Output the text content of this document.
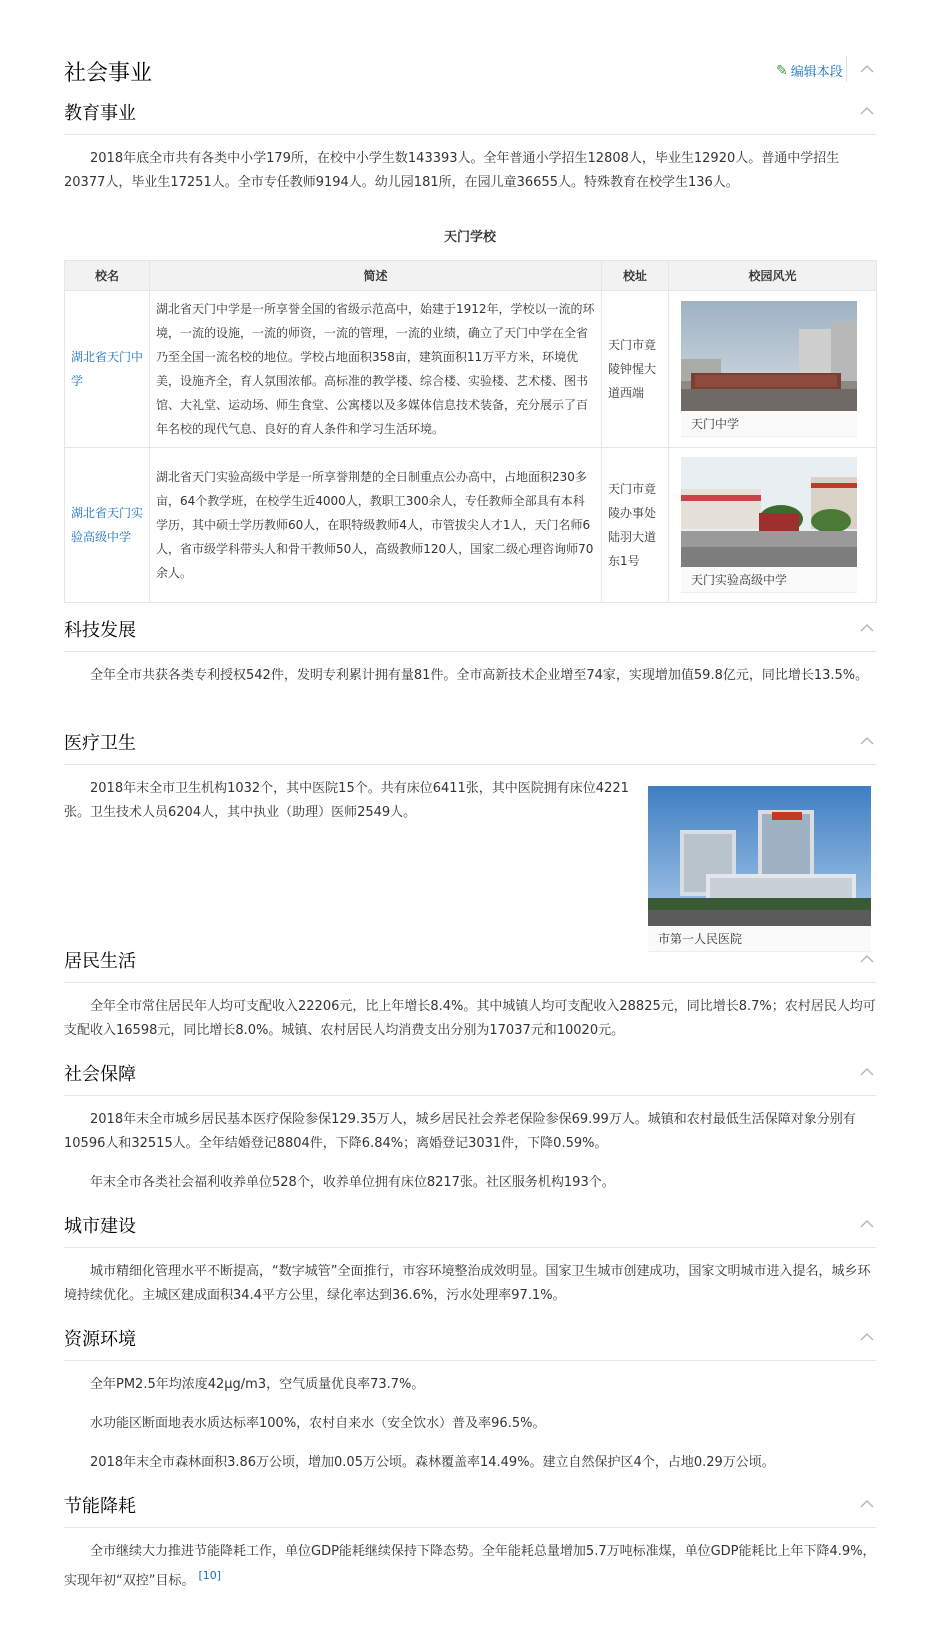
社会事业	✎ 编辑本段
教育事业

2018年底全市共有各类中小学179所，在校中小学生数143393人。全年普通小学招生12808人，毕业生12920人。普通中学招生20377人，毕业生17251人。全市专任教师9194人。幼儿园181所，在园儿童36655人。特殊教育在校学生136人。

天门学校
校名	简述	校址	校园风光
湖北省天门中学	湖北省天门中学是一所享誉全国的省级示范高中，始建于1912年，学校以一流的环境，一流的设施，一流的师资，一流的管理，一流的业绩，确立了天门中学在全省乃至全国一流名校的地位。学校占地面积358亩，建筑面积11万平方米，环境优美，设施齐全，育人氛围浓郁。高标准的教学楼、综合楼、实验楼、艺术楼、图书馆、大礼堂、运动场、师生食堂、公寓楼以及多媒体信息技术装备，充分展示了百年名校的现代气息、良好的育人条件和学习生活环境。	天门市竟陵钟惺大道西端	天门中学

湖北省天门实验高级中学	湖北省天门实验高级中学是一所享誉荆楚的全日制重点公办高中，占地面积230多亩，64个教学班，在校学生近4000人，教职工300余人，专任教师全部具有本科学历，其中硕士学历教师60人，在职特级教师4人，市管拔尖人才1人，天门名师6人，省市级学科带头人和骨干教师50人，高级教师120人，国家二级心理咨询师70余人。	天门市竟陵办事处陆羽大道东1号	天门实验高级中学
科技发展

全年全市共获各类专利授权542件，发明专利累计拥有量81件。全市高新技术企业增至74家，实现增加值59.8亿元，同比增长13.5%。

医疗卫生

2018年末全市卫生机构1032个，其中医院15个。共有床位6411张，其中医院拥有床位4221张。卫生技术人员6204人，其中执业（助理）医师2549人。

市第一人民医院
居民生活

全年全市常住居民年人均可支配收入22206元，比上年增长8.4%。其中城镇人均可支配收入28825元，同比增长8.7%；农村居民人均可支配收入16598元，同比增长8.0%。城镇、农村居民人均消费支出分别为17037元和10020元。

社会保障

2018年末全市城乡居民基本医疗保险参保129.35万人，城乡居民社会养老保险参保69.99万人。城镇和农村最低生活保障对象分别有10596人和32515人。全年结婚登记8804件，下降6.84%；离婚登记3031件，下降0.59%。

年末全市各类社会福利收养单位528个，收养单位拥有床位8217张。社区服务机构193个。

城市建设

城市精细化管理水平不断提高，“数字城管”全面推行，市容环境整治成效明显。国家卫生城市创建成功，国家文明城市进入提名，城乡环境持续优化。主城区建成面积34.4平方公里，绿化率达到36.6%，污水处理率97.1%。

资源环境

全年PM2.5年均浓度42μg/m3，空气质量优良率73.7%。

水功能区断面地表水质达标率100%，农村自来水（安全饮水）普及率96.5%。

2018年末全市森林面积3.86万公顷，增加0.05万公顷。森林覆盖率14.49%。建立自然保护区4个，占地0.29万公顷。

节能降耗

全市继续大力推进节能降耗工作，单位GDP能耗继续保持下降态势。全年能耗总量增加5.7万吨标准煤，单位GDP能耗比上年下降4.9%，实现年初“双控”目标。 [10]
